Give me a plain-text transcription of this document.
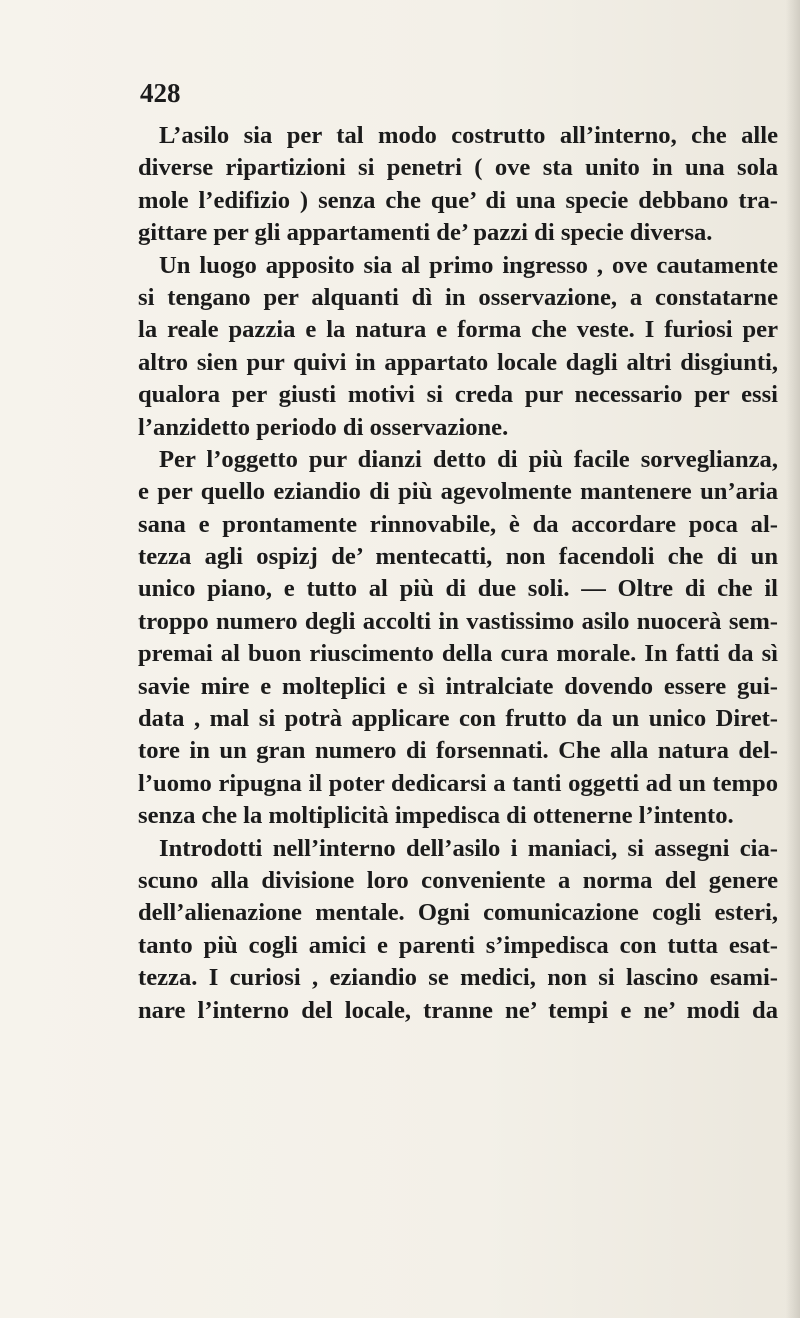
428
L’asilo sia per tal modo costrutto all’interno, che alle
diverse ripartizioni si penetri ( ove sta unito in una sola
mole l’edifizio ) senza che que’ di una specie debbano tra-
gittare per gli appartamenti de’ pazzi di specie diversa.
Un luogo apposito sia al primo ingresso , ove cautamente
si tengano per alquanti dì in osservazione, a constatarne
la reale pazzia e la natura e forma che veste. I furiosi per
altro sien pur quivi in appartato locale dagli altri disgiunti,
qualora per giusti motivi si creda pur necessario per essi
l’anzidetto periodo di osservazione.
Per l’oggetto pur dianzi detto di più facile sorveglianza,
e per quello eziandio di più agevolmente mantenere un’aria
sana e prontamente rinnovabile, è da accordare poca al-
tezza agli ospizj de’ mentecatti, non facendoli che di un
unico piano, e tutto al più di due soli. — Oltre di che il
troppo numero degli accolti in vastissimo asilo nuocerà sem-
premai al buon riuscimento della cura morale. In fatti da sì
savie mire e molteplici e sì intralciate dovendo essere gui-
data , mal si potrà applicare con frutto da un unico Diret-
tore in un gran numero di forsennati. Che alla natura del-
l’uomo ripugna il poter dedicarsi a tanti oggetti ad un tempo
senza che la moltiplicità impedisca di ottenerne l’intento.
Introdotti nell’interno dell’asilo i maniaci, si assegni cia-
scuno alla divisione loro conveniente a norma del genere
dell’alienazione mentale. Ogni comunicazione cogli esteri,
tanto più cogli amici e parenti s’impedisca con tutta esat-
tezza. I curiosi , eziandio se medici, non si lascino esami-
nare l’interno del locale, tranne ne’ tempi e ne’ modi da
